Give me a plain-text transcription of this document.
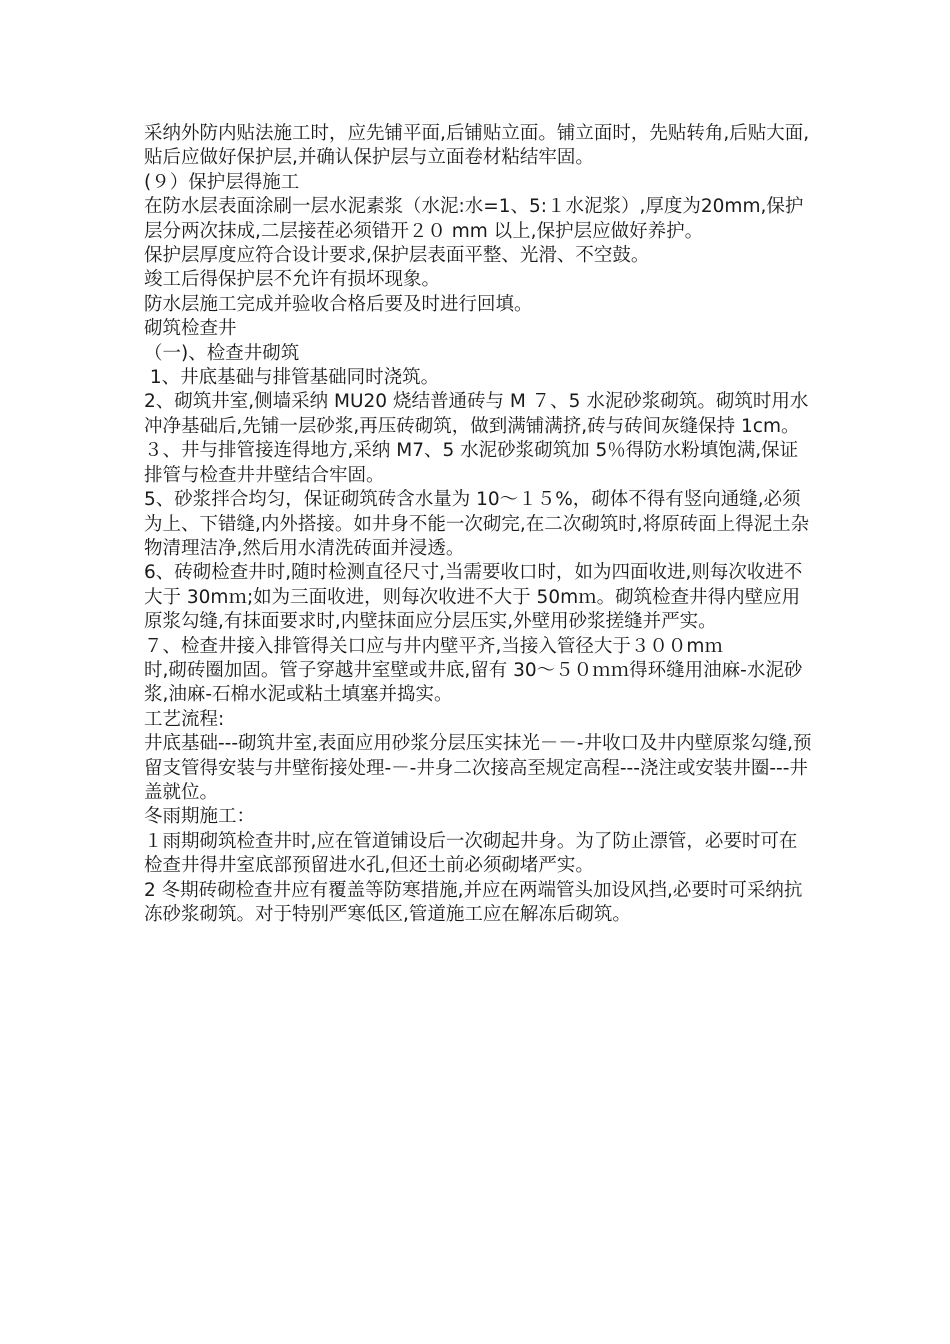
采纳外防内贴法施工时，应先铺平面,后铺贴立面。铺立面时，先贴转角,后贴大面,贴后应做好保护层,并确认保护层与立面卷材粘结牢固。

(９）保护层得施工

在防水层表面涂刷一层水泥素浆（水泥:水=1、5:１水泥浆）,厚度为20mm,保护层分两次抹成,二层接茬必须错开２０ mm 以上,保护层应做好养护。

保护层厚度应符合设计要求,保护层表面平整、光滑、不空鼓。

竣工后得保护层不允许有损坏现象。

防水层施工完成并验收合格后要及时进行回填。

砌筑检查井

（一)、检查井砌筑

1、井底基础与排管基础同时浇筑。

2、砌筑井室,侧墙采纳 MU20 烧结普通砖与 M ７、5 水泥砂浆砌筑。砌筑时用水冲净基础后,先铺一层砂浆,再压砖砌筑，做到满铺满挤,砖与砖间灰缝保持 1cm。

３、井与排管接连得地方,采纳 M7、5 水泥砂浆砌筑加 5％得防水粉填饱满,保证排管与检查井井壁结合牢固。

5、砂浆拌合均匀，保证砌筑砖含水量为 10～１５%，砌体不得有竖向通缝,必须为上、下错缝,内外搭接。如井身不能一次砌完,在二次砌筑时,将原砖面上得泥土杂物清理洁净,然后用水清洗砖面并浸透。

6、砖砌检查井时,随时检测直径尺寸,当需要收口时，如为四面收进,则每次收进不大于 30mｍ;如为三面收进，则每次收进不大于 50mｍ。砌筑检查井得内壁应用原浆勾缝,有抹面要求时,内壁抹面应分层压实,外壁用砂浆搓缝并严实。

７、检查井接入排管得关口应与井内壁平齐,当接入管径大于３００mｍ

时,砌砖圈加固。管子穿越井室壁或井底,留有 30～５０ｍｍ得环缝用油麻-水泥砂浆,油麻-石棉水泥或粘土填塞并捣实。

工艺流程:

井底基础---砌筑井室,表面应用砂浆分层压实抹光－－-井收口及井内壁原浆勾缝,预留支管得安装与井壁衔接处理-－-井身二次接高至规定高程---浇注或安装井圈---井盖就位。

冬雨期施工：

１雨期砌筑检查井时,应在管道铺设后一次砌起井身。为了防止漂管，必要时可在检查井得井室底部预留进水孔,但还土前必须砌堵严实。

2 冬期砖砌检查井应有覆盖等防寒措施,并应在两端管头加设风挡,必要时可采纳抗冻砂浆砌筑。对于特别严寒低区,管道施工应在解冻后砌筑。
